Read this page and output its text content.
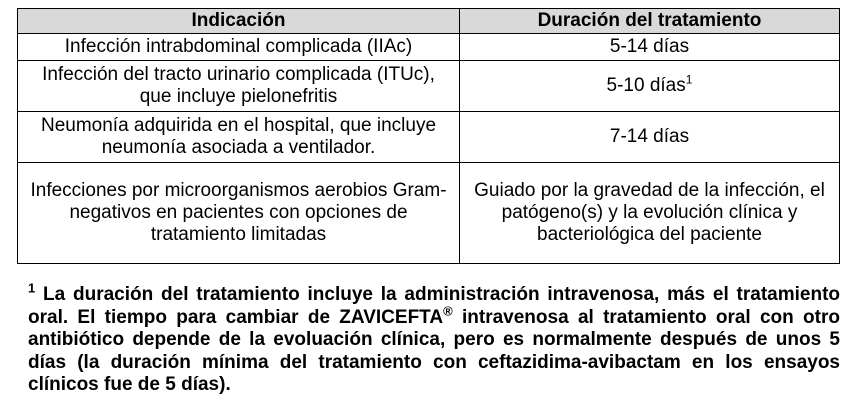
Indicación	Duración del tratamiento
Infección intrabdominal complicada (IIAc)	5-14 días
Infección del tracto urinario complicada (ITUc), que incluye pielonefritis	5-10 días$^1$
Neumonía adquirida en el hospital, que incluye neumonía asociada a ventilador.	7-14 días
Infecciones por microorganismos aerobios Gram-negativos en pacientes con opciones de tratamiento limitadas	Guiado por la gravedad de la infección, el patógeno(s) y la evolución clínica y bacteriológica del paciente
$^1$ La duración del tratamiento incluye la administración intravenosa, más el tratamiento oral. El tiempo para cambiar de ZAVICEFTA® intravenosa al tratamiento oral con otro antibiótico depende de la evoluación clínica, pero es normalmente después de unos 5 días (la duración mínima del tratamiento con ceftazidima-avibactam en los ensayos clínicos fue de 5 días).
